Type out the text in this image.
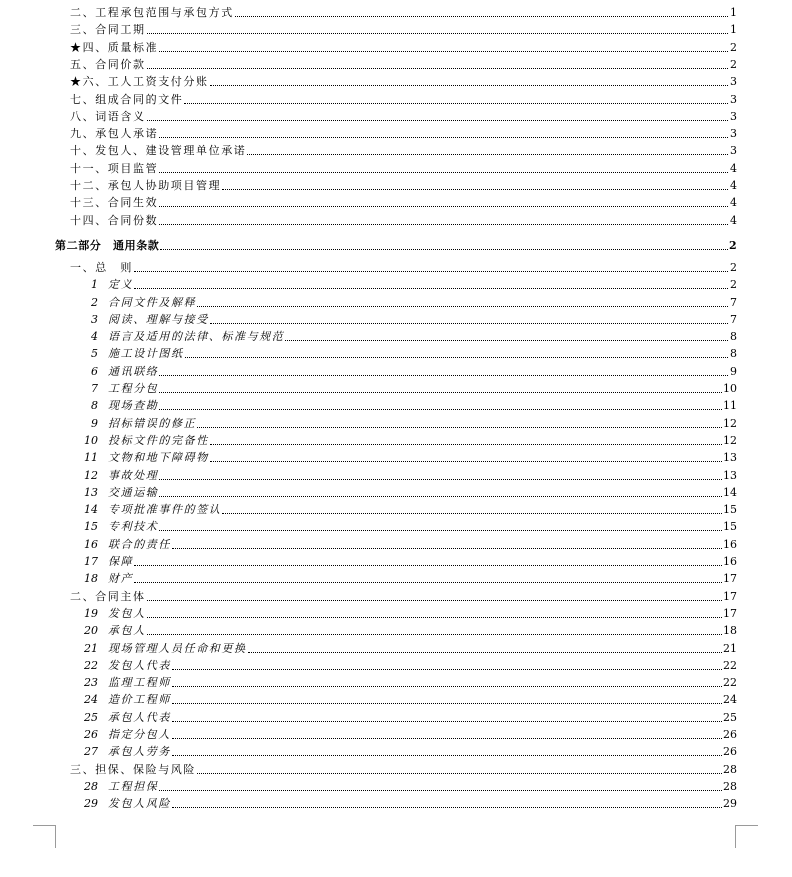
二、工程承包范围与承包方式	1
三、合同工期	1
★四、质量标准	2
五、合同价款	2
★六、工人工资支付分账	3
七、组成合同的文件	3
八、词语含义	3
九、承包人承诺	3
十、发包人、建设管理单位承诺	3
十一、项目监管	4
十二、承包人协助项目管理	4
十三、合同生效	4
十四、合同份数	4
第二部分　通用条款	2
一、总　则	2
1 定义	2
2 合同文件及解释	7
3 阅读、理解与接受	7
4 语言及适用的法律、标准与规范	8
5 施工设计图纸	8
6 通讯联络	9
7 工程分包	10
8 现场查勘	11
9 招标错误的修正	12
10 投标文件的完备性	12
11 文物和地下障碍物	13
12 事故处理	13
13 交通运输	14
14 专项批准事件的签认	15
15 专利技术	15
16 联合的责任	16
17 保障	16
18 财产	17
二、合同主体	17
19 发包人	17
20 承包人	18
21 现场管理人员任命和更换	21
22 发包人代表	22
23 监理工程师	22
24 造价工程师	24
25 承包人代表	25
26 指定分包人	26
27 承包人劳务	26
三、担保、保险与风险	28
28 工程担保	28
29 发包人风险	29
